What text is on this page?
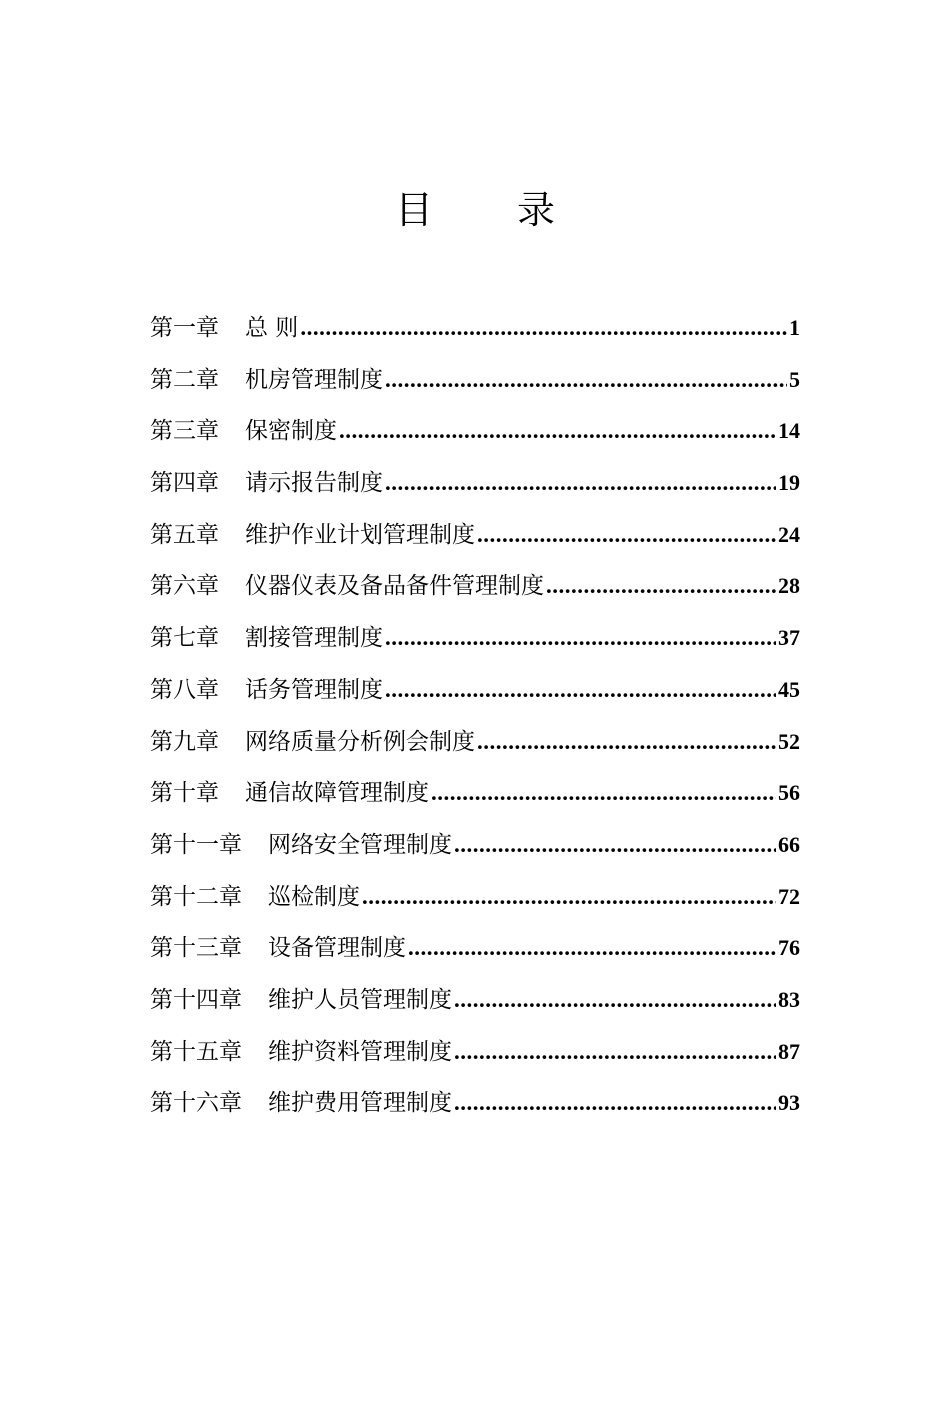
目 录
第一章	总 则 .....	1
第二章	机房管理制度 .....	5
第三章	保密制度 .....	14
第四章	请示报告制度 .....	19
第五章	维护作业计划管理制度 .....	24
第六章	仪器仪表及备品备件管理制度 .....	28
第七章	割接管理制度 .....	37
第八章	话务管理制度 .....	45
第九章	网络质量分析例会制度 .....	52
第十章	通信故障管理制度 .....	56
第十一章	网络安全管理制度 .....	66
第十二章	巡检制度 .....	72
第十三章	设备管理制度 .....	76
第十四章	维护人员管理制度 .....	83
第十五章	维护资料管理制度 .....	87
第十六章	维护费用管理制度 .....	93
